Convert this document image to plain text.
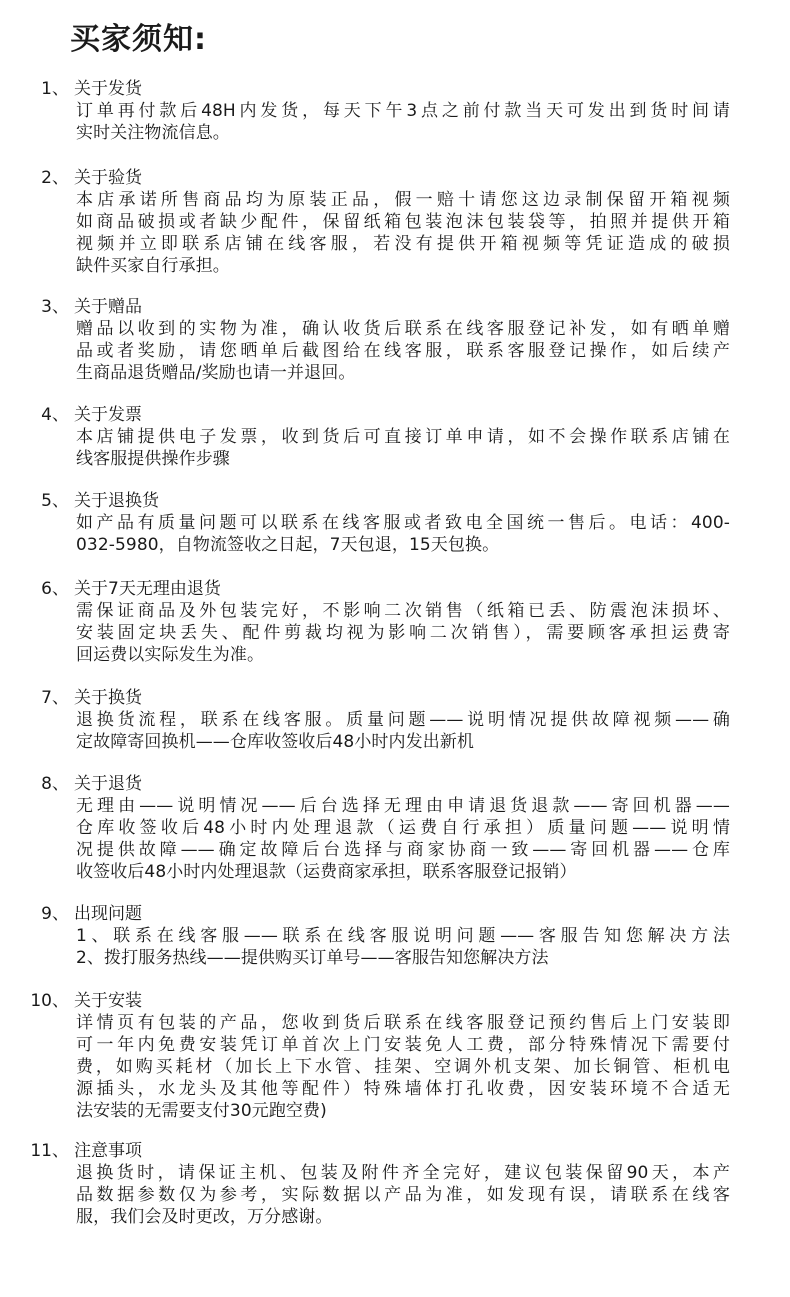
买家须知:
1、 关于发货
订单再付款后48H内发货，每天下午3点之前付款当天可发出到货时间请
实时关注物流信息。
2、 关于验货
本店承诺所售商品均为原装正品，假一赔十请您这边录制保留开箱视频
如商品破损或者缺少配件，保留纸箱包装泡沫包装袋等，拍照并提供开箱
视频并立即联系店铺在线客服，若没有提供开箱视频等凭证造成的破损
缺件买家自行承担。
3、 关于赠品
赠品以收到的实物为准，确认收货后联系在线客服登记补发，如有晒单赠
品或者奖励，请您晒单后截图给在线客服，联系客服登记操作，如后续产
生商品退货赠品/奖励也请一并退回。
4、 关于发票
本店铺提供电子发票，收到货后可直接订单申请，如不会操作联系店铺在
线客服提供操作步骤
5、 关于退换货
如产品有质量问题可以联系在线客服或者致电全国统一售后。电话：400-
032-5980，自物流签收之日起，7天包退，15天包换。
6、 关于7天无理由退货
需保证商品及外包装完好，不影响二次销售（纸箱已丢、防震泡沫损坏、
安装固定块丢失、配件剪裁均视为影响二次销售），需要顾客承担运费寄
回运费以实际发生为准。
7、 关于换货
退换货流程，联系在线客服。质量问题——说明情况提供故障视频——确
定故障寄回换机——仓库收签收后48小时内发出新机
8、 关于退货
无理由——说明情况——后台选择无理由申请退货退款——寄回机器——
仓库收签收后48小时内处理退款（运费自行承担）质量问题——说明情
况提供故障——确定故障后台选择与商家协商一致——寄回机器——仓库
收签收后48小时内处理退款（运费商家承担，联系客服登记报销）
9、 出现问题
1、联系在线客服——联系在线客服说明问题——客服告知您解决方法
2、拨打服务热线——提供购买订单号——客服告知您解决方法
10、 关于安装
详情页有包装的产品，您收到货后联系在线客服登记预约售后上门安装即
可一年内免费安装凭订单首次上门安装免人工费，部分特殊情况下需要付
费，如购买耗材（加长上下水管、挂架、空调外机支架、加长铜管、柜机电
源插头，水龙头及其他等配件）特殊墙体打孔收费，因安装环境不合适无
法安装的无需要支付30元跑空费)
11、 注意事项
退换货时，请保证主机、包装及附件齐全完好，建议包装保留90天，本产
品数据参数仅为参考，实际数据以产品为准，如发现有误，请联系在线客
服，我们会及时更改，万分感谢。
